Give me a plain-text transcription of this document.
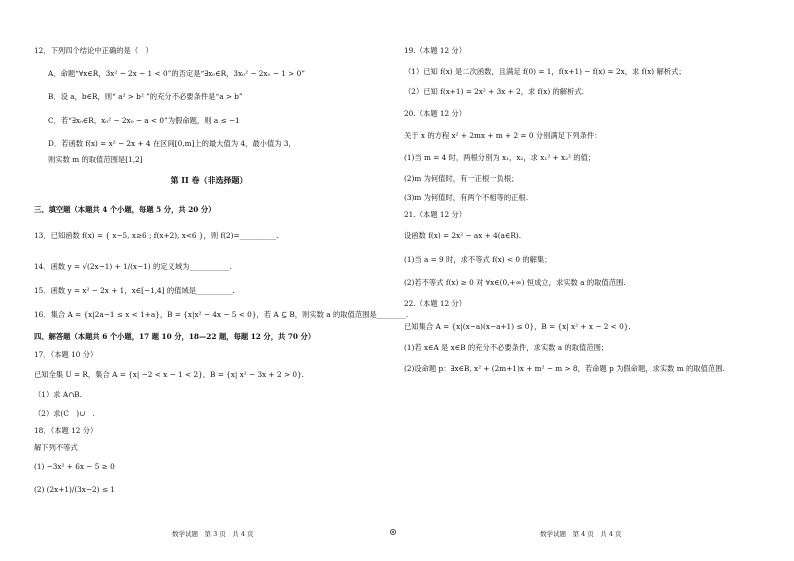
12．下列四个结论中正确的是（　）
A．命题“∀x∈R，3x² − 2x − 1 < 0”的否定是“∃x₀∈R，3x₀² − 2x₀ − 1 > 0”
B．设 a，b∈R，则“ a² > b² ”的充分不必要条件是“a > b”
C．若“∃x₀∈R，x₀² − 2x₀ − a < 0”为假命题，则 a ≤ −1
D．若函数 f(x) = x² − 2x + 4 在区间[0,m]上的最大值为 4，最小值为 3，
则实数 m 的取值范围是[1,2]
第 II 卷（非选择题）
三、填空题（本题共 4 个小题，每题 5 分，共 20 分）
13．已知函数 f(x) = { x−5, x≥6 ; f(x+2), x<6 }，则 f(2)=__________.
14．函数 y = √(2x−1) + 1/(x−1) 的定义域为___________.
15．函数 y = x² − 2x + 1，x∈[−1,4] 的值域是__________.
16．集合 A = {x|2a−1 ≤ x < 1+a}，B = {x|x² − 4x − 5 < 0}，若 A ⊆ B，则实数 a 的取值范围是________.
四、解答题（本题共 6 个小题，17 题 10 分，18—22 题，每题 12 分，共 70 分）
17．（本题 10 分）
已知全集 U = R，集合 A = {x| −2 < x − 1 < 2}，B = {x| x² − 3x + 2 > 0}.
（1）求 A∩B.
（2）求(C　)∪　.
18．（本题 12 分）
解下列不等式
(1) −3x² + 6x − 5 ≥ 0
(2) (2x+1)/(3x−2) ≤ 1
19.（本题 12 分）
（1）已知 f(x) 是二次函数，且满足 f(0) = 1，f(x+1) − f(x) = 2x，求 f(x) 解析式；
（2）已知 f(x+1) = 2x² + 3x + 2，求 f(x) 的解析式.
20.（本题 12 分）
关于 x 的方程 x² + 2mx + m + 2 = 0 分别满足下列条件：
(1)当 m = 4 时，两根分别为 x₁，x₂，求 x₁² + x₂² 的值；
(2)m 为何值时，有一正根一负根；
(3)m 为何值时，有两个不相等的正根.
21.（本题 12 分）
设函数 f(x) = 2x² − ax + 4(a∈R).
(1)当 a = 9 时，求不等式 f(x) < 0 的解集；
(2)若不等式 f(x) ≥ 0 对 ∀x∈(0,+∞) 恒成立，求实数 a 的取值范围.
22.（本题 12 分）
已知集合 A = {x|(x−a)(x−a+1) ≤ 0}，B = {x| x² + x − 2 < 0}.
(1)若 x∈A 是 x∈B 的充分不必要条件，求实数 a 的取值范围；
(2)设命题 p：∃x∈B, x² + (2m+1)x + m² − m > 8，若命题 p 为假命题，求实数 m 的取值范围.
数学试题　第 3 页　共 4 页	数学试题　第 4 页　共 4 页
